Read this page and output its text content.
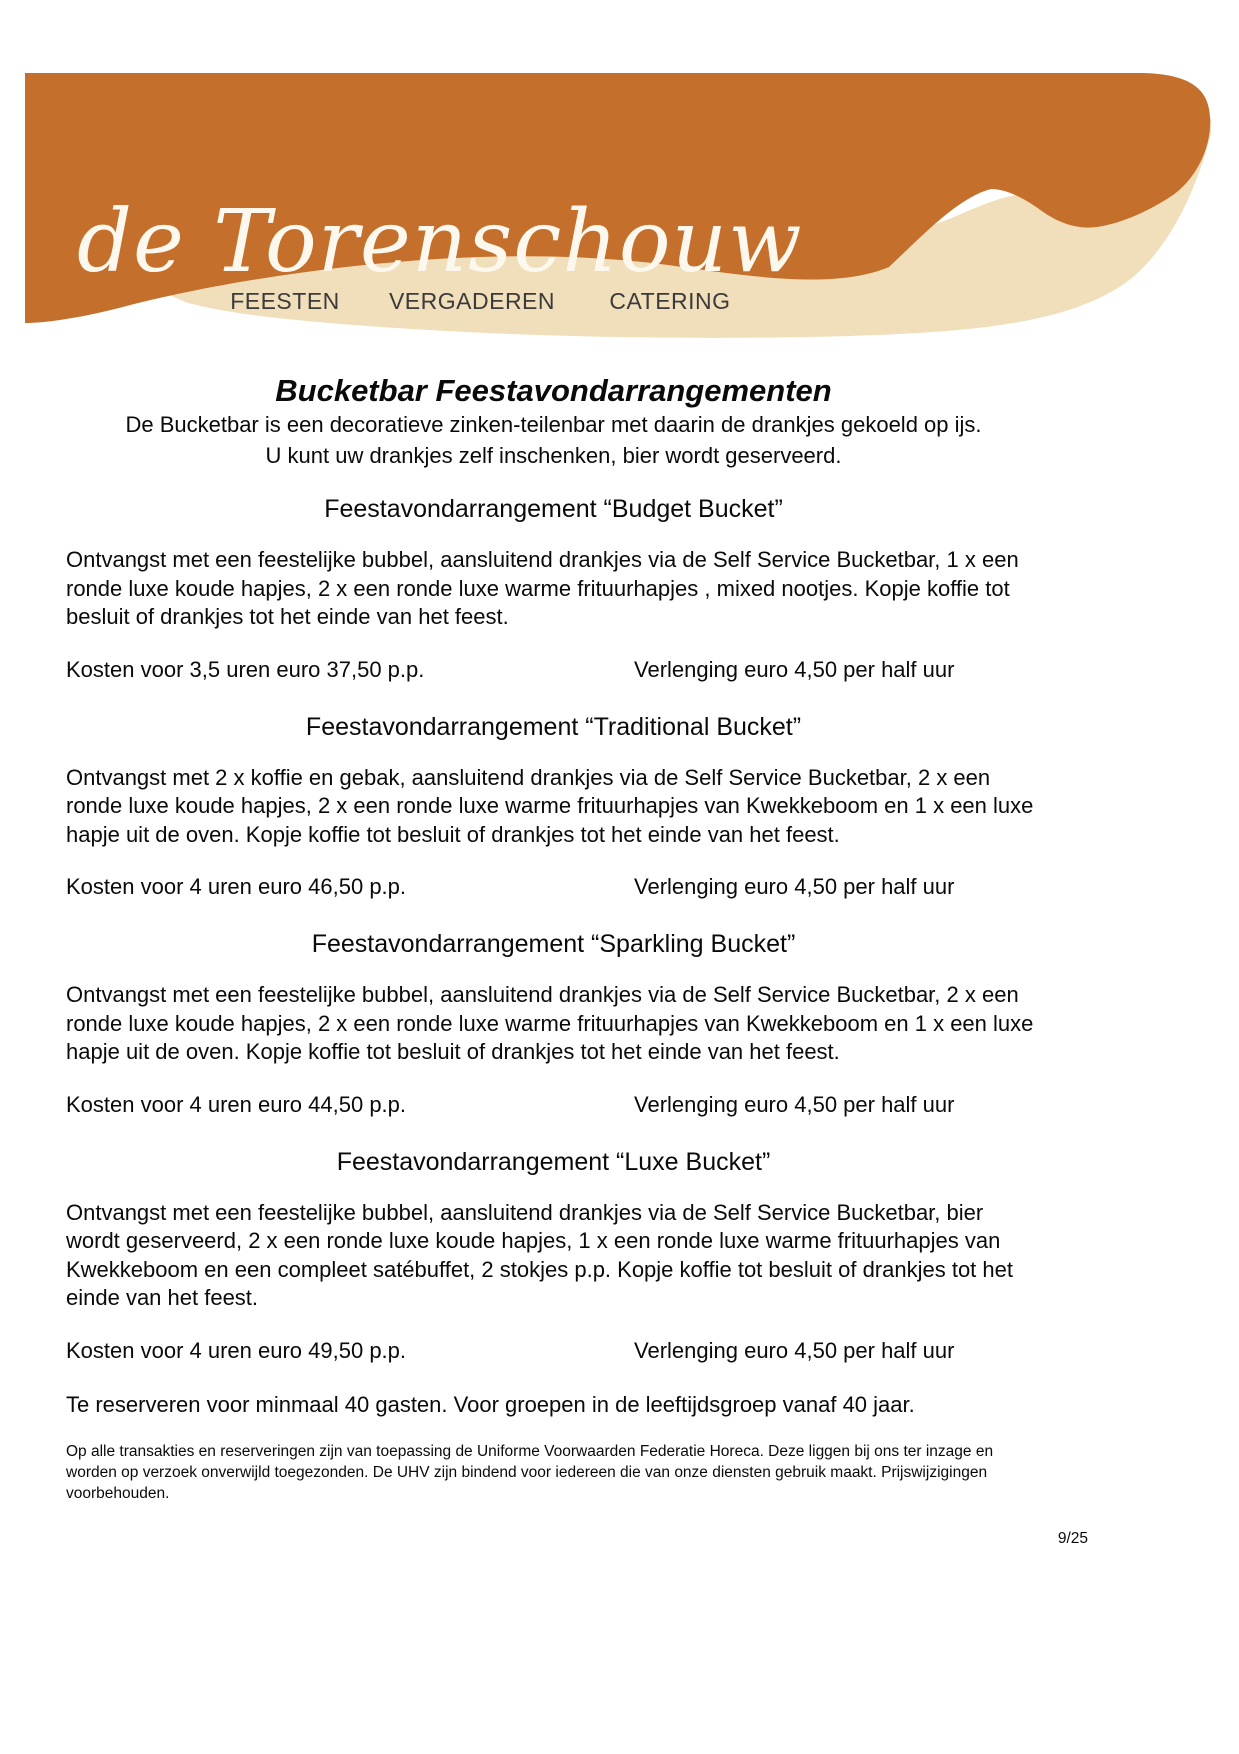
de Torenschouw
FEESTEN VERGADEREN CATERING
Bucketbar Feestavondarrangementen

De Bucketbar is een decoratieve zinken-teilenbar met daarin de drankjes gekoeld op ijs.

U kunt uw drankjes zelf inschenken, bier wordt geserveerd.

Feestavondarrangement “Budget Bucket”

Ontvangst met een feestelijke bubbel, aansluitend drankjes via de Self Service Bucketbar, 1 x een ronde luxe koude hapjes, 2 x een ronde luxe warme frituurhapjes , mixed nootjes. Kopje koffie tot besluit of drankjes tot het einde van het feest.

Kosten voor 3,5 uren euro 37,50 p.p.	Verlenging euro 4,50 per half uur
Feestavondarrangement “Traditional Bucket”

Ontvangst met 2 x koffie en gebak, aansluitend drankjes via de Self Service Bucketbar, 2 x een ronde luxe koude hapjes, 2 x een ronde luxe warme frituurhapjes van Kwekkeboom en 1 x een luxe hapje uit de oven. Kopje koffie tot besluit of drankjes tot het einde van het feest.

Kosten voor 4 uren euro 46,50 p.p.	Verlenging euro 4,50 per half uur
Feestavondarrangement “Sparkling Bucket”

Ontvangst met een feestelijke bubbel, aansluitend drankjes via de Self Service Bucketbar, 2 x een ronde luxe koude hapjes, 2 x een ronde luxe warme frituurhapjes van Kwekkeboom en 1 x een luxe hapje uit de oven. Kopje koffie tot besluit of drankjes tot het einde van het feest.

Kosten voor 4 uren euro 44,50 p.p.	Verlenging euro 4,50 per half uur
Feestavondarrangement “Luxe Bucket”

Ontvangst met een feestelijke bubbel, aansluitend drankjes via de Self Service Bucketbar, bier wordt geserveerd, 2 x een ronde luxe koude hapjes, 1 x een ronde luxe warme frituurhapjes van Kwekkeboom en een compleet satébuffet, 2 stokjes p.p. Kopje koffie tot besluit of drankjes tot het einde van het feest.

Kosten voor 4 uren euro 49,50 p.p.	Verlenging euro 4,50 per half uur

Te reserveren voor minmaal 40 gasten. Voor groepen in de leeftijdsgroep vanaf 40 jaar.

Op alle transakties en reserveringen zijn van toepassing de Uniforme Voorwaarden Federatie Horeca. Deze liggen bij ons ter inzage en worden op verzoek onverwijld toegezonden. De UHV zijn bindend voor iedereen die van onze diensten gebruik maakt. Prijswijzigingen voorbehouden.

9/25
